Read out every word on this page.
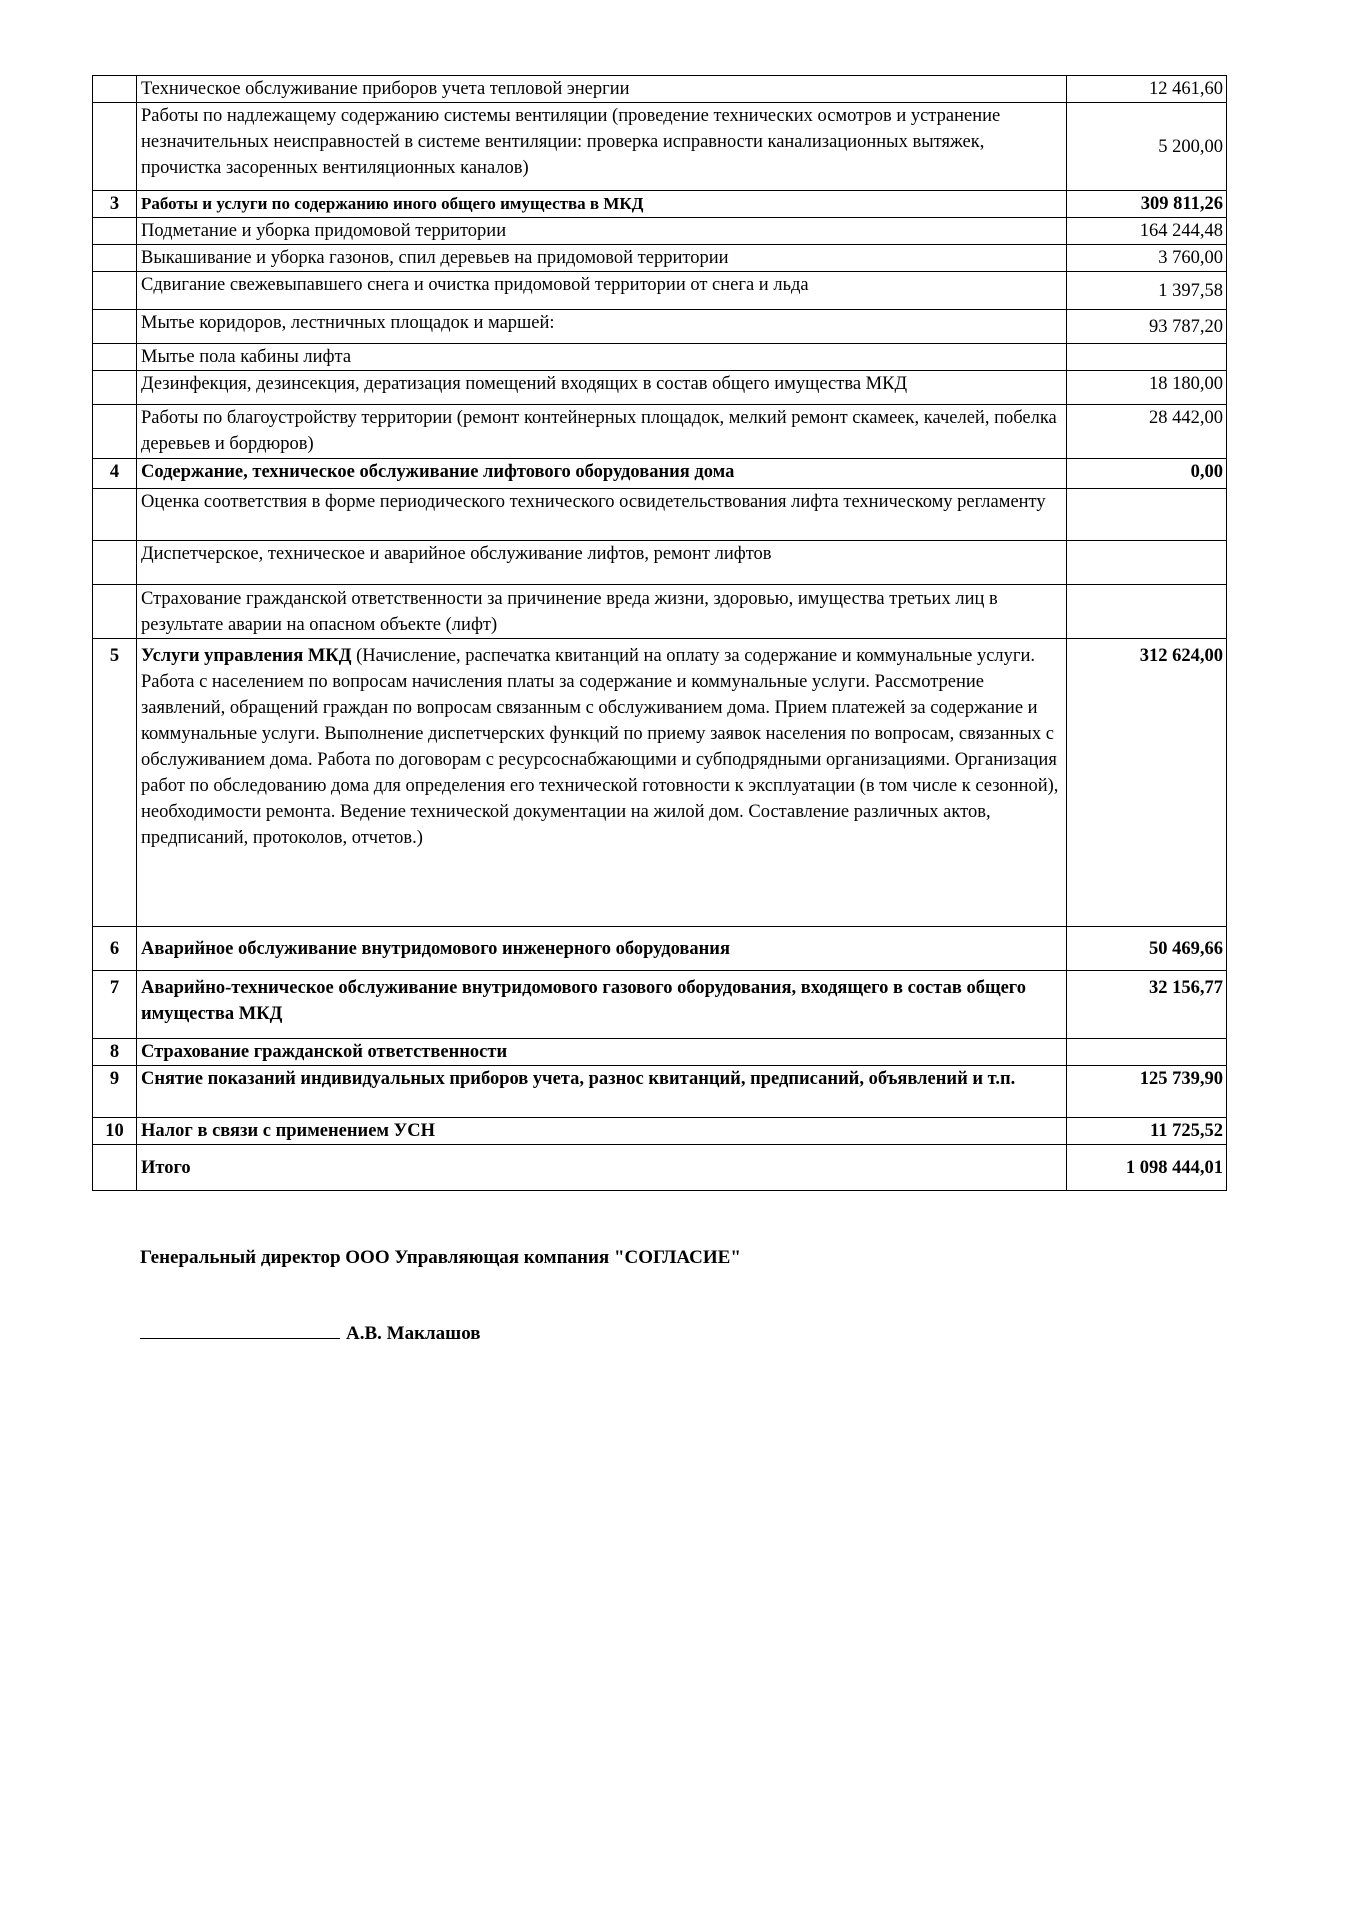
	Техническое обслуживание приборов учета тепловой энергии	12 461,60
	Работы по надлежащему содержанию системы вентиляции (проведение технических осмотров и устранение незначительных неисправностей в системе вентиляции: проверка исправности канализационных вытяжек, прочистка засоренных вентиляционных каналов)	5 200,00
3	Работы и услуги по содержанию иного общего имущества в МКД	309 811,26
	Подметание и уборка придомовой территории	164 244,48
	Выкашивание и уборка газонов, спил деревьев на придомовой территории	3 760,00
	Сдвигание свежевыпавшего снега и очистка придомовой территории от снега и льда	1 397,58
	Мытье коридоров, лестничных площадок и маршей:	93 787,20
	Мытье пола кабины лифта	
	Дезинфекция, дезинсекция, дератизация помещений входящих в состав общего имущества МКД	18 180,00
	Работы по благоустройству территории (ремонт контейнерных площадок, мелкий ремонт скамеек, качелей, побелка деревьев и бордюров)	28 442,00
4	Содержание, техническое обслуживание лифтового оборудования дома	0,00
	Оценка соответствия в форме периодического технического освидетельствования лифта техническому регламенту	
	Диспетчерское, техническое и аварийное обслуживание лифтов, ремонт лифтов	
	Страхование гражданской ответственности за причинение вреда жизни, здоровью, имущества третьих лиц в результате аварии на опасном объекте (лифт)	
5	Услуги управления МКД (Начисление, распечатка квитанций на оплату за содержание и коммунальные услуги. Работа с населением по вопросам начисления платы за содержание и коммунальные услуги. Рассмотрение заявлений, обращений граждан по вопросам связанным с обслуживанием дома. Прием платежей за содержание и коммунальные услуги. Выполнение диспетчерских функций по приему заявок населения по вопросам, связанных с обслуживанием дома. Работа по договорам с ресурсоснабжающими и субподрядными организациями. Организация работ по обследованию дома для определения его технической готовности к эксплуатации (в том числе к сезонной), необходимости ремонта. Ведение технической документации на жилой дом. Составление различных актов, предписаний, протоколов, отчетов.)	312 624,00
6	Аварийное обслуживание внутридомового инженерного оборудования	50 469,66
7	Аварийно-техническое обслуживание внутридомового газового оборудования, входящего в состав общего имущества МКД	32 156,77
8	Страхование гражданской ответственности	
9	Снятие показаний индивидуальных приборов учета, разнос квитанций, предписаний, объявлений и т.п.	125 739,90
10	Налог в связи с применением УСН	11 725,52
	Итого	1 098 444,01
Генеральный директор ООО Управляющая компания "СОГЛАСИЕ"
А.В. Маклашов
